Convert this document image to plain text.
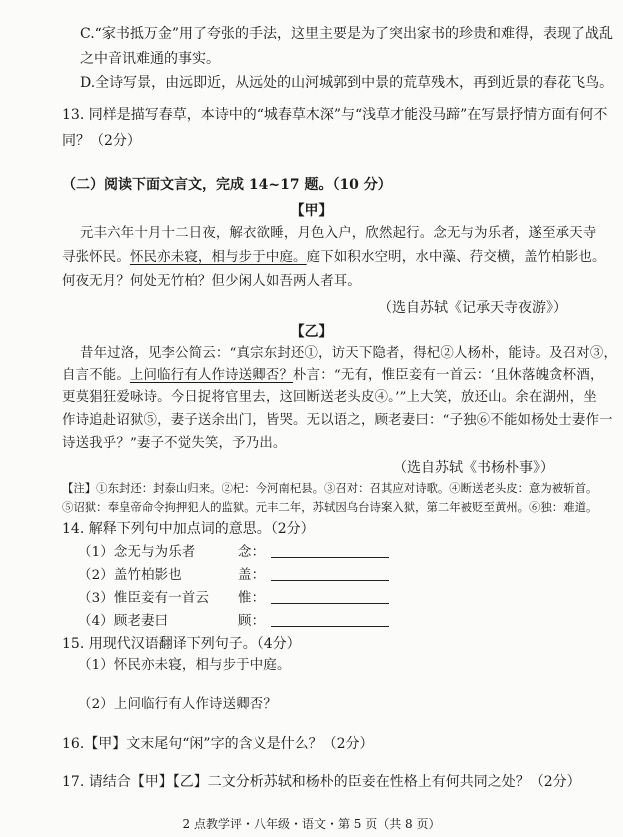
C.“家书抵万金”用了夸张的手法，这里主要是为了突出家书的珍贵和难得，表现了战乱
之中音讯难通的事实。
D.全诗写景，由远即近，从远处的山河城郭到中景的荒草残木，再到近景的春花飞鸟。
13. 同样是描写春草，本诗中的“城春草木深”与“浅草才能没马蹄”在写景抒情方面有何不
同？（2分）
（二）阅读下面文言文，完成 14~17 题。（10 分）
【甲】
元丰六年十月十二日夜，解衣欲睡，月色入户，欣然起行。念无与为乐者，遂至承天寺
寻张怀民。怀民亦未寝，相与步于中庭。庭下如积水空明，水中藻、荇交横，盖竹柏影也。
何夜无月？何处无竹柏？但少闲人如吾两人者耳。
（选自苏轼《记承天寺夜游》）
【乙】
昔年过洛，见李公简云：“真宗东封还①，访天下隐者，得杞②人杨朴，能诗。及召对③，
自言不能。上问临行有人作诗送卿否？朴言：“无有，惟臣妾有一首云：‘且休落魄贪杯酒，
更莫猖狂爱咏诗。今日捉将官里去，这回断送老头皮④。’”上大笑，放还山。余在湖州，坐
作诗追赴诏狱⑤，妻子送余出门，皆哭。无以语之，顾老妻曰：“子独⑥不能如杨处士妻作一
诗送我乎？”妻子不觉失笑，予乃出。
（选自苏轼《书杨朴事》）
【注】①东封还：封泰山归来。②杞：今河南杞县。③召对：召其应对诗歌。④断送老头皮：意为被斩首。
⑤诏狱：奉皇帝命令拘押犯人的监狱。元丰二年，苏轼因乌台诗案入狱，第二年被贬至黄州。⑥独：难道。
14. 解释下列句中加点词的意思。（2分）
（1）念无与为乐者	念：
（2）盖竹柏影也	盖：
（3）惟臣妾有一首云 惟：
（4）顾老妻曰	顾：
15. 用现代汉语翻译下列句子。（4分）
（1）怀民亦未寝，相与步于中庭。
（2）上问临行有人作诗送卿否？
16.【甲】文末尾句“闲”字的含义是什么？（2分）
17. 请结合【甲】【乙】二文分析苏轼和杨朴的臣妾在性格上有何共同之处？（2分）
2 点教学评・八年级・语文・第 5 页（共 8 页）
